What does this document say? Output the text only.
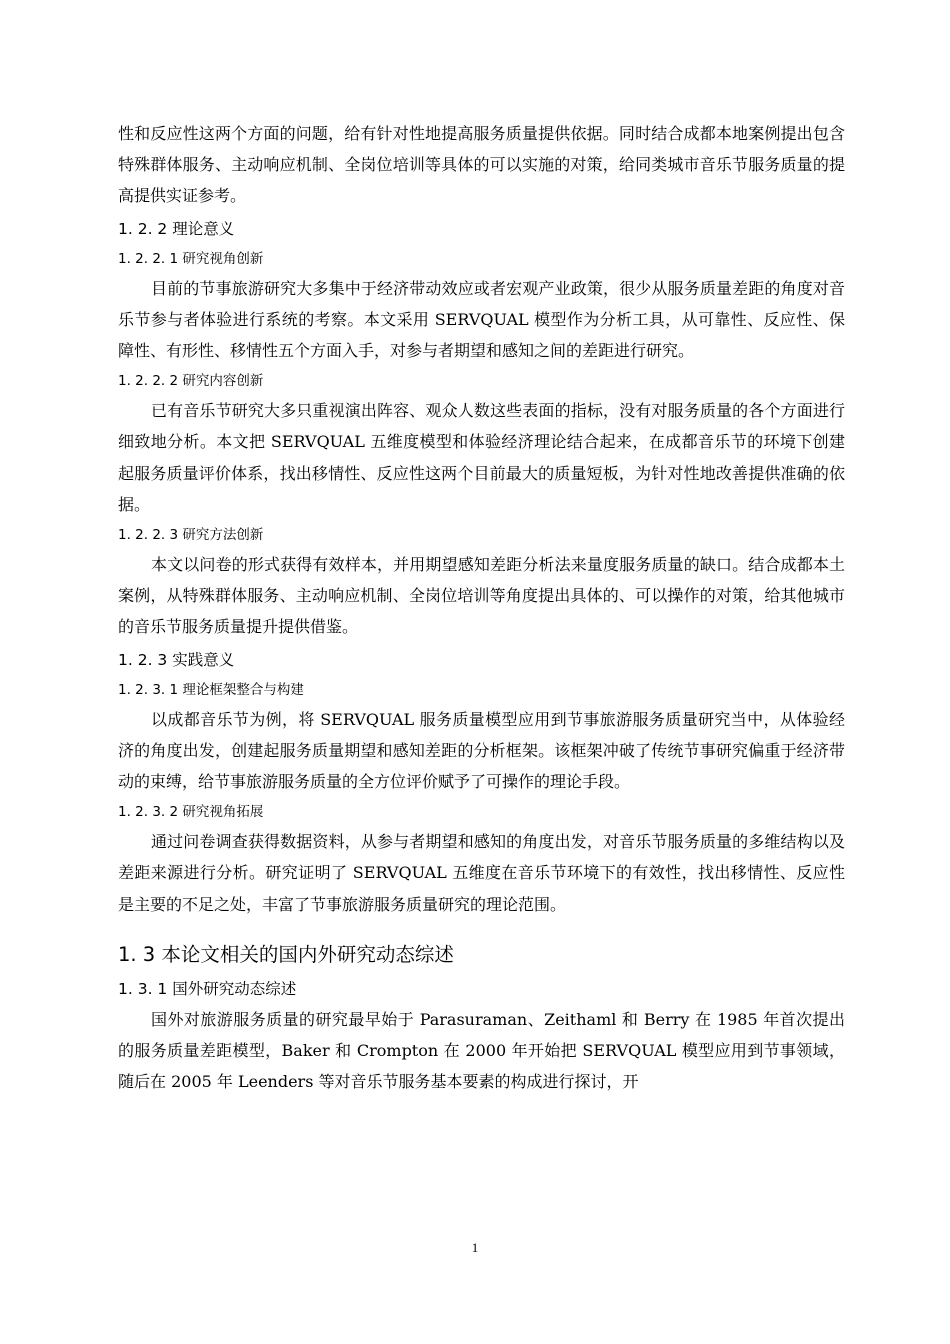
性和反应性这两个方面的问题，给有针对性地提高服务质量提供依据。同时结合成都本地案例提出包含特殊群体服务、主动响应机制、全岗位培训等具体的可以实施的对策，给同类城市音乐节服务质量的提高提供实证参考。

1. 2. 2 理论意义
1. 2. 2. 1 研究视角创新

目前的节事旅游研究大多集中于经济带动效应或者宏观产业政策，很少从服务质量差距的角度对音乐节参与者体验进行系统的考察。本文采用 SERVQUAL 模型作为分析工具，从可靠性、反应性、保障性、有形性、移情性五个方面入手，对参与者期望和感知之间的差距进行研究。

1. 2. 2. 2 研究内容创新

已有音乐节研究大多只重视演出阵容、观众人数这些表面的指标，没有对服务质量的各个方面进行细致地分析。本文把 SERVQUAL 五维度模型和体验经济理论结合起来，在成都音乐节的环境下创建起服务质量评价体系，找出移情性、反应性这两个目前最大的质量短板，为针对性地改善提供准确的依据。

1. 2. 2. 3 研究方法创新

本文以问卷的形式获得有效样本，并用期望感知差距分析法来量度服务质量的缺口。结合成都本土案例，从特殊群体服务、主动响应机制、全岗位培训等角度提出具体的、可以操作的对策，给其他城市的音乐节服务质量提升提供借鉴。

1. 2. 3 实践意义
1. 2. 3. 1 理论框架整合与构建

以成都音乐节为例，将 SERVQUAL 服务质量模型应用到节事旅游服务质量研究当中，从体验经济的角度出发，创建起服务质量期望和感知差距的分析框架。该框架冲破了传统节事研究偏重于经济带动的束缚，给节事旅游服务质量的全方位评价赋予了可操作的理论手段。

1. 2. 3. 2 研究视角拓展

通过问卷调查获得数据资料，从参与者期望和感知的角度出发，对音乐节服务质量的多维结构以及差距来源进行分析。研究证明了 SERVQUAL 五维度在音乐节环境下的有效性，找出移情性、反应性是主要的不足之处，丰富了节事旅游服务质量研究的理论范围。

1. 3 本论文相关的国内外研究动态综述
1. 3. 1 国外研究动态综述

国外对旅游服务质量的研究最早始于 Parasuraman、Zeithaml 和 Berry 在 1985 年首次提出的服务质量差距模型，Baker 和 Crompton 在 2000 年开始把 SERVQUAL 模型应用到节事领域，随后在 2005 年 Leenders 等对音乐节服务基本要素的构成进行探讨，开

1
